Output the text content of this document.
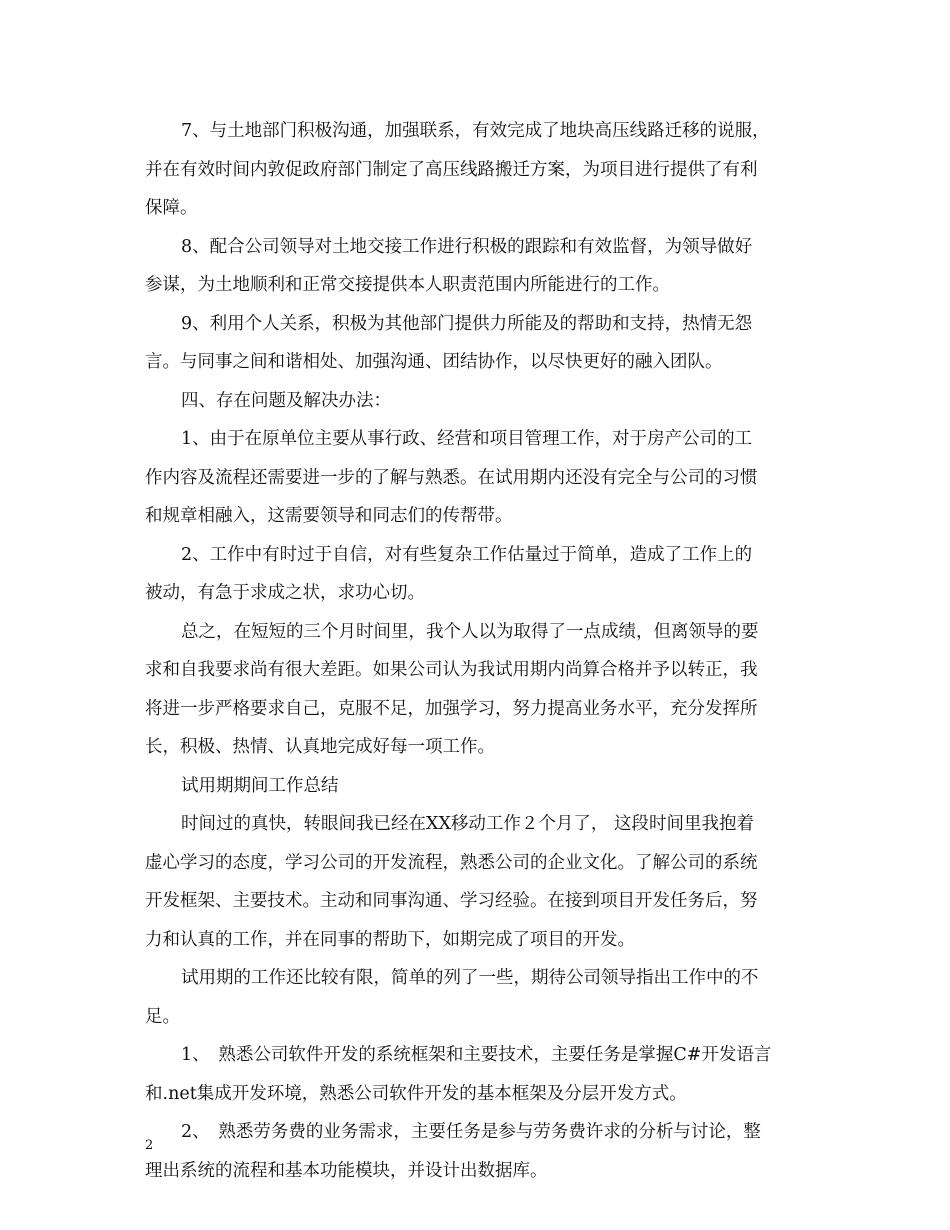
7、与土地部门积极沟通，加强联系，有效完成了地块高压线路迁移的说服，
并在有效时间内敦促政府部门制定了高压线路搬迁方案，为项目进行提供了有利
保障。
8、配合公司领导对土地交接工作进行积极的跟踪和有效监督，为领导做好
参谋，为土地顺利和正常交接提供本人职责范围内所能进行的工作。
9、利用个人关系，积极为其他部门提供力所能及的帮助和支持，热情无怨
言。与同事之间和谐相处、加强沟通、团结协作，以尽快更好的融入团队。
四、存在问题及解决办法：
1、由于在原单位主要从事行政、经营和项目管理工作，对于房产公司的工
作内容及流程还需要进一步的了解与熟悉。在试用期内还没有完全与公司的习惯
和规章相融入，这需要领导和同志们的传帮带。
2、工作中有时过于自信，对有些复杂工作估量过于简单，造成了工作上的
被动，有急于求成之状，求功心切。
总之，在短短的三个月时间里，我个人以为取得了一点成绩，但离领导的要
求和自我要求尚有很大差距。如果公司认为我试用期内尚算合格并予以转正，我
将进一步严格要求自己，克服不足，加强学习，努力提高业务水平，充分发挥所
长，积极、热情、认真地完成好每一项工作。
试用期期间工作总结
时间过的真快，转眼间我已经在XX移动工作２个月了， 这段时间里我抱着
虚心学习的态度，学习公司的开发流程，熟悉公司的企业文化。了解公司的系统
开发框架、主要技术。主动和同事沟通、学习经验。在接到项目开发任务后，努
力和认真的工作，并在同事的帮助下，如期完成了项目的开发。
试用期的工作还比较有限，简单的列了一些，期待公司领导指出工作中的不
足。
1、　熟悉公司软件开发的系统框架和主要技术，主要任务是掌握C#开发语言
和.net集成开发环境，熟悉公司软件开发的基本框架及分层开发方式。
2、　熟悉劳务费的业务需求，主要任务是参与劳务费许求的分析与讨论，整
理出系统的流程和基本功能模块，并设计出数据库。
2
